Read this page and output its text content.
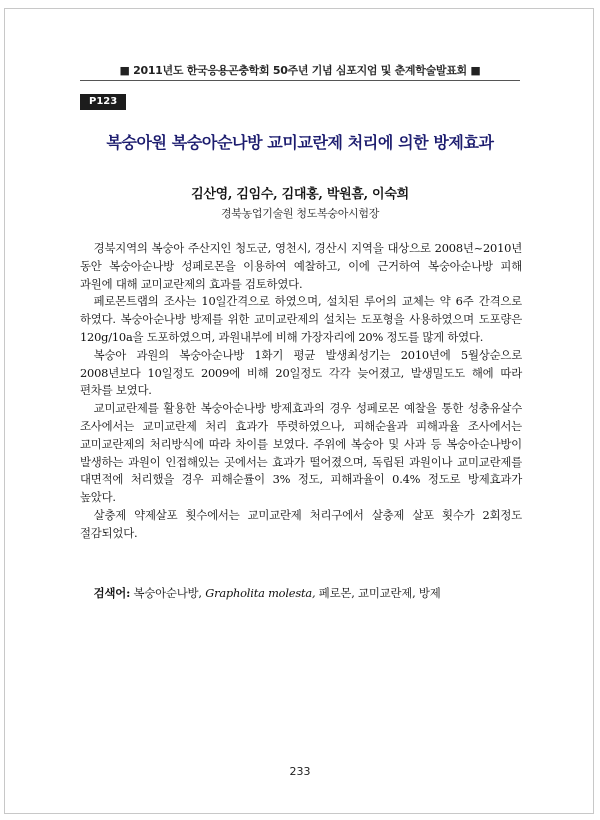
■ 2011년도 한국응용곤충학회 50주년 기념 심포지엄 및 춘계학술발표회 ■
P123
복숭아원 복숭아순나방 교미교란제 처리에 의한 방제효과
김산영, 김임수, 김대홍, 박원흠, 이숙희
경북농업기술원 청도복숭아시험장

경북지역의 복숭아 주산지인 청도군, 영천시, 경산시 지역을 대상으로 2008년~2010년 동안 복숭아순나방 성페로몬을 이용하여 예찰하고, 이에 근거하여 복숭아순나방 피해 과원에 대해 교미교란제의 효과를 검토하였다.

페로몬트랩의 조사는 10일간격으로 하였으며, 설치된 루어의 교체는 약 6주 간격으로 하였다. 복숭아순나방 방제를 위한 교미교란제의 설치는 도포형을 사용하였으며 도포량은 120g/10a을 도포하였으며, 과원내부에 비해 가장자리에 20% 정도를 많게 하였다.

복숭아 과원의 복숭아순나방 1화기 평균 발생최성기는 2010년에 5월상순으로 2008년보다 10일정도 2009에 비해 20일정도 각각 늦어졌고, 발생밀도도 해에 따라 편차를 보였다.

교미교란제를 활용한 복숭아순나방 방제효과의 경우 성페로몬 예찰을 통한 성충유살수 조사에서는 교미교란제 처리 효과가 뚜렷하였으나, 피해순율과 피해과율 조사에서는 교미교란제의 처리방식에 따라 차이를 보였다. 주위에 복숭아 및 사과 등 복숭아순나방이 발생하는 과원이 인접해있는 곳에서는 효과가 떨어졌으며, 독립된 과원이나 교미교란제를 대면적에 처리했을 경우 피해순률이 3% 정도, 피해과율이 0.4% 정도로 방제효과가 높았다.

살충제 약제살포 횟수에서는 교미교란제 처리구에서 살충제 살포 횟수가 2회정도 절감되었다.

검색어: 복숭아순나방, Grapholita molesta, 페로몬, 교미교란제, 방제
233
